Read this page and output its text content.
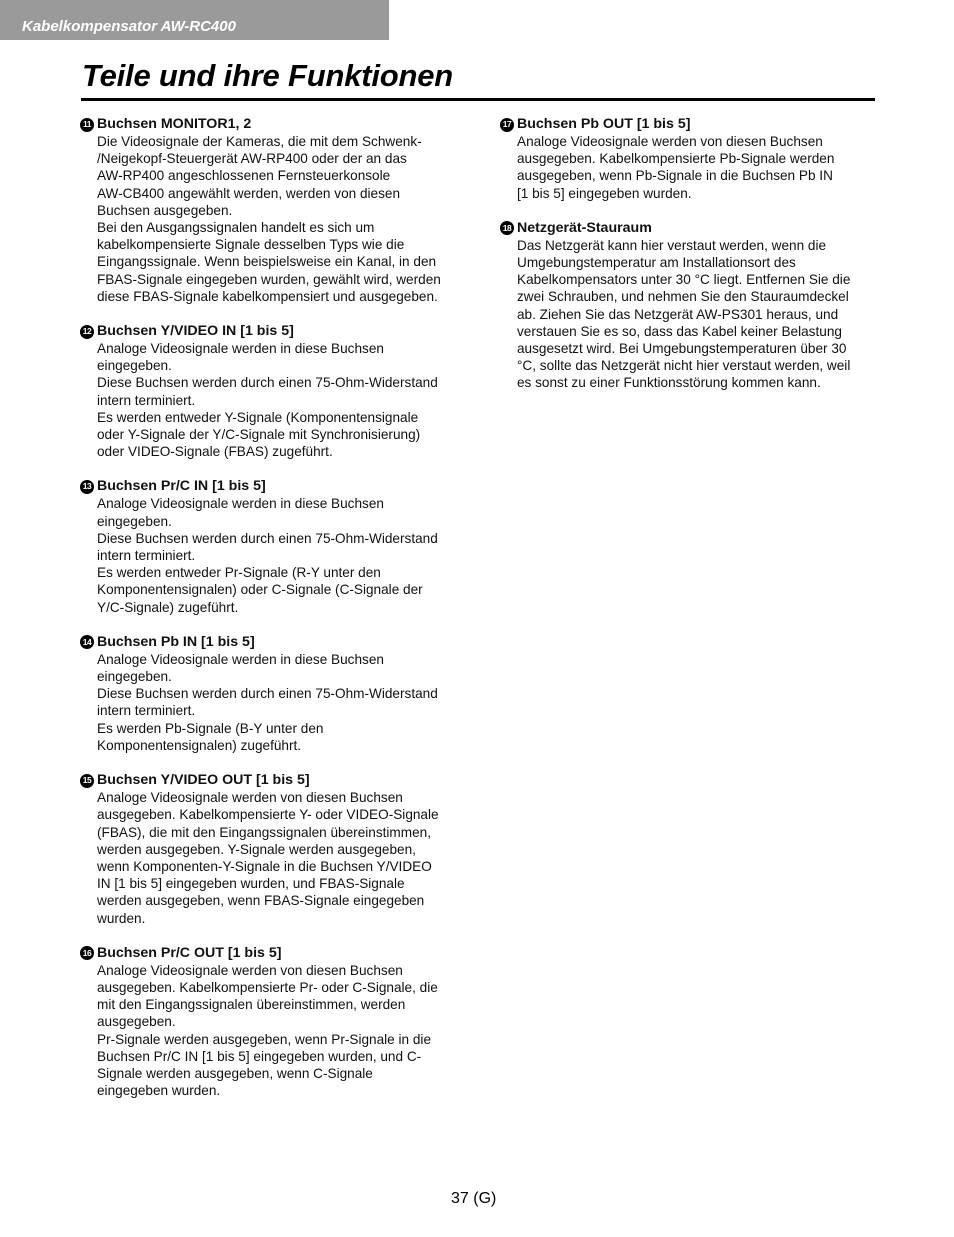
Kabelkompensator AW-RC400
Teile und ihre Funktionen
11 Buchsen MONITOR1, 2

Die Videosignale der Kameras, die mit dem Schwenk-
/Neigekopf-Steuergerät AW-RP400 oder der an das
AW-RP400 angeschlossenen Fernsteuerkonsole
AW-CB400 angewählt werden, werden von diesen
Buchsen ausgegeben.
Bei den Ausgangssignalen handelt es sich um
kabelkompensierte Signale desselben Typs wie die
Eingangssignale. Wenn beispielsweise ein Kanal, in den
FBAS-Signale eingegeben wurden, gewählt wird, werden
diese FBAS-Signale kabelkompensiert und ausgegeben.

12 Buchsen Y/VIDEO IN [1 bis 5]

Analoge Videosignale werden in diese Buchsen
eingegeben.
Diese Buchsen werden durch einen 75-Ohm-Widerstand
intern terminiert.
Es werden entweder Y-Signale (Komponentensignale
oder Y-Signale der Y/C-Signale mit Synchronisierung)
oder VIDEO-Signale (FBAS) zugeführt.

13 Buchsen Pr/C IN [1 bis 5]

Analoge Videosignale werden in diese Buchsen
eingegeben.
Diese Buchsen werden durch einen 75-Ohm-Widerstand
intern terminiert.
Es werden entweder Pr-Signale (R-Y unter den
Komponentensignalen) oder C-Signale (C-Signale der
Y/C-Signale) zugeführt.

14 Buchsen Pb IN [1 bis 5]

Analoge Videosignale werden in diese Buchsen
eingegeben.
Diese Buchsen werden durch einen 75-Ohm-Widerstand
intern terminiert.
Es werden Pb-Signale (B-Y unter den
Komponentensignalen) zugeführt.

15 Buchsen Y/VIDEO OUT [1 bis 5]

Analoge Videosignale werden von diesen Buchsen
ausgegeben. Kabelkompensierte Y- oder VIDEO-Signale
(FBAS), die mit den Eingangssignalen übereinstimmen,
werden ausgegeben. Y-Signale werden ausgegeben,
wenn Komponenten-Y-Signale in die Buchsen Y/VIDEO
IN [1 bis 5] eingegeben wurden, und FBAS-Signale
werden ausgegeben, wenn FBAS-Signale eingegeben
wurden.

16 Buchsen Pr/C OUT [1 bis 5]

Analoge Videosignale werden von diesen Buchsen
ausgegeben. Kabelkompensierte Pr- oder C-Signale, die
mit den Eingangssignalen übereinstimmen, werden
ausgegeben.
Pr-Signale werden ausgegeben, wenn Pr-Signale in die
Buchsen Pr/C IN [1 bis 5] eingegeben wurden, und C-
Signale werden ausgegeben, wenn C-Signale
eingegeben wurden.

17 Buchsen Pb OUT [1 bis 5]

Analoge Videosignale werden von diesen Buchsen
ausgegeben. Kabelkompensierte Pb-Signale werden
ausgegeben, wenn Pb-Signale in die Buchsen Pb IN
[1 bis 5] eingegeben wurden.

18 Netzgerät-Stauraum

Das Netzgerät kann hier verstaut werden, wenn die
Umgebungstemperatur am Installationsort des
Kabelkompensators unter 30 °C liegt. Entfernen Sie die
zwei Schrauben, und nehmen Sie den Stauraumdeckel
ab. Ziehen Sie das Netzgerät AW-PS301 heraus, und
verstauen Sie es so, dass das Kabel keiner Belastung
ausgesetzt wird. Bei Umgebungstemperaturen über 30
°C, sollte das Netzgerät nicht hier verstaut werden, weil
es sonst zu einer Funktionsstörung kommen kann.

37 (G)
